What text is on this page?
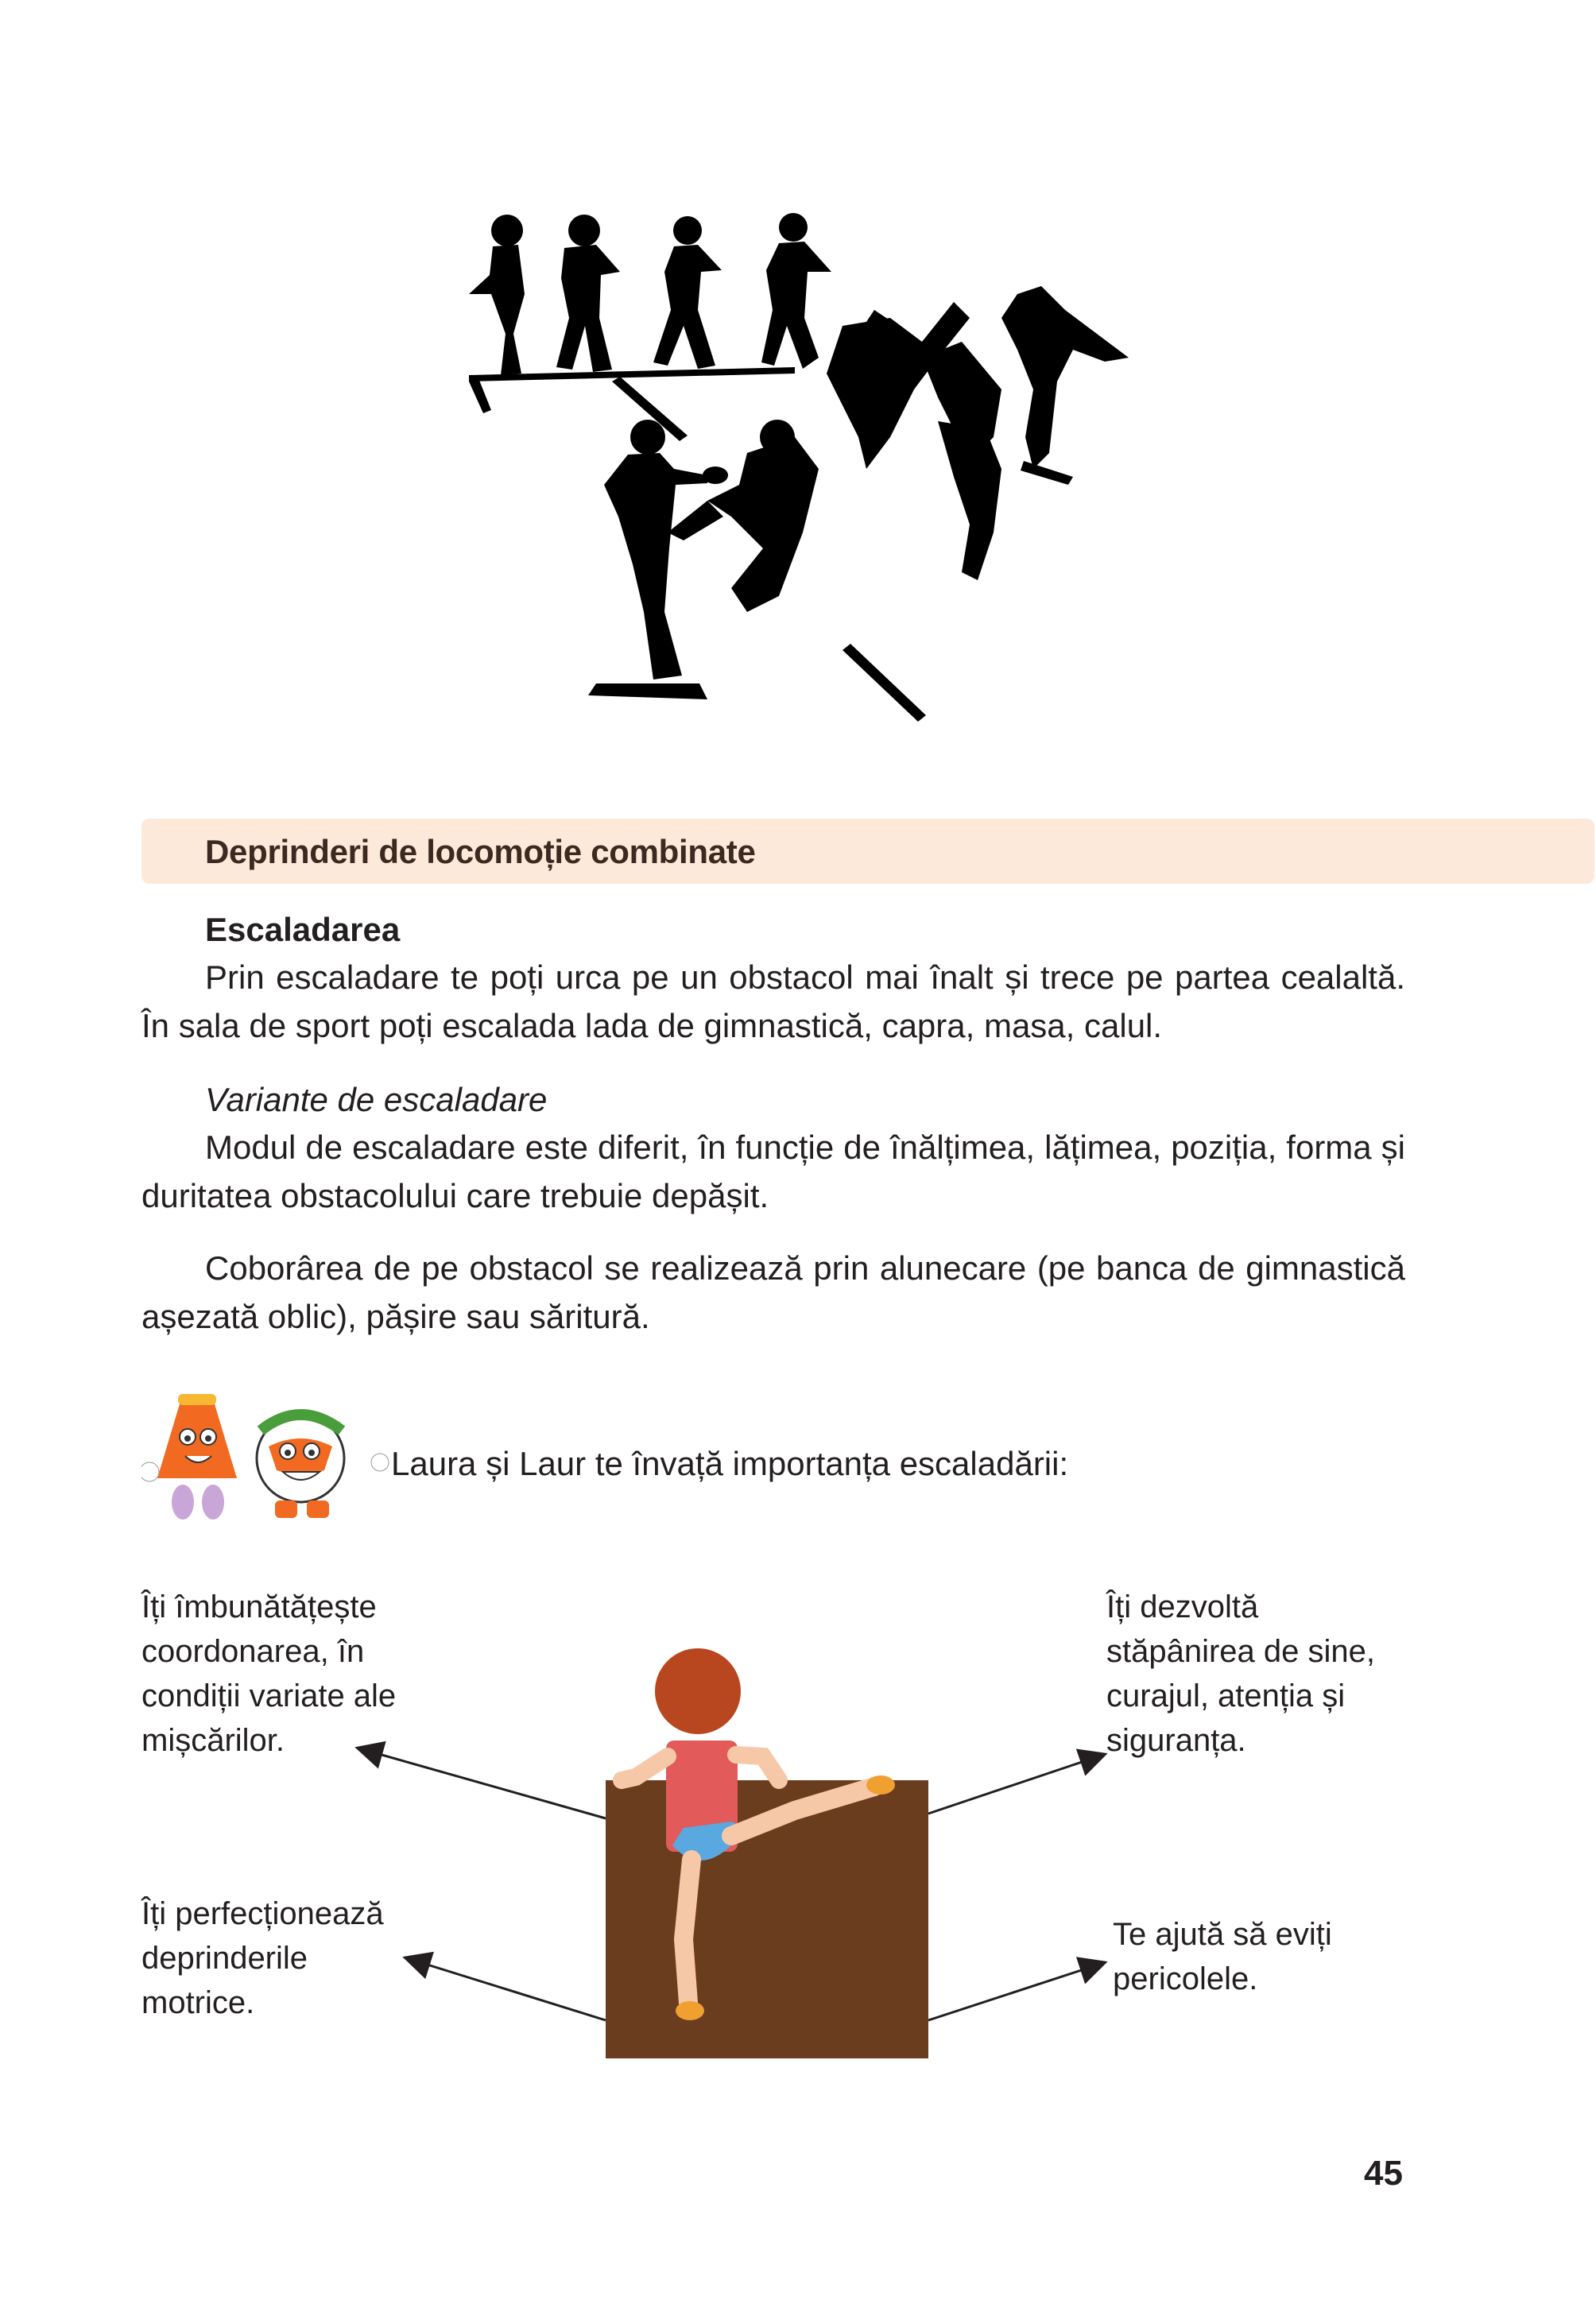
Deprinderi de locomoție combinate
Escaladarea
Prin escaladare te poți urca pe un obstacol mai înalt și trece pe partea cealaltă. În sala de sport poți escalada lada de gimnastică, capra, masa, calul.
Variante de escaladare
Modul de escaladare este diferit, în funcție de înălțimea, lățimea, poziția, forma și duritatea obstacolului care trebuie depășit.
Coborârea de pe obstacol se realizează prin alunecare (pe banca de gimnastică așezată oblic), pășire sau săritură.
Laura și Laur te învață importanța escaladării:
Îți îmbunătățește
coordonarea, în
condiții variate ale
mișcărilor.
Îți perfecționează
deprinderile
motrice.
Îți dezvoltă
stăpânirea de sine,
curajul, atenția și
siguranța.
Te ajută să eviți
pericolele.
45
